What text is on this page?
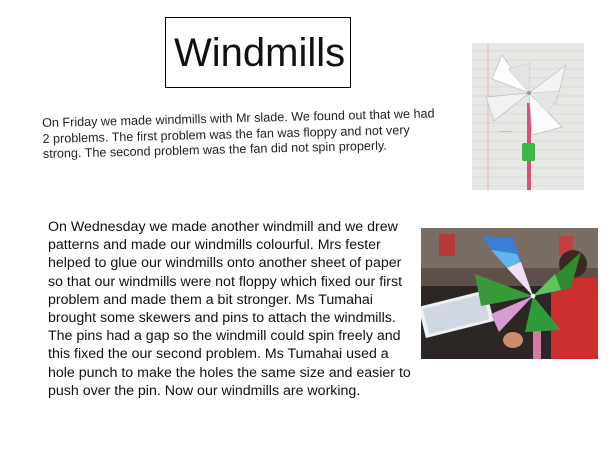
Windmills
On Friday we made windmills with Mr slade. We found out that we had 2 problems. The first problem was the fan was floppy and not very strong. The second problem was the fan did not spin properly.
On Wednesday we made another windmill and we drew patterns and made our windmills colourful. Mrs fester helped to glue our windmills onto another sheet of paper so that our windmills were not floppy which fixed our first problem and made them a bit stronger. Ms Tumahai brought some skewers and pins to attach the windmills. The pins had a gap so the windmill could spin freely and this fixed the our second problem. Ms Tumahai used a hole punch to make the holes the same size and easier to push over the pin. Now our windmills are working.
~~~~~
